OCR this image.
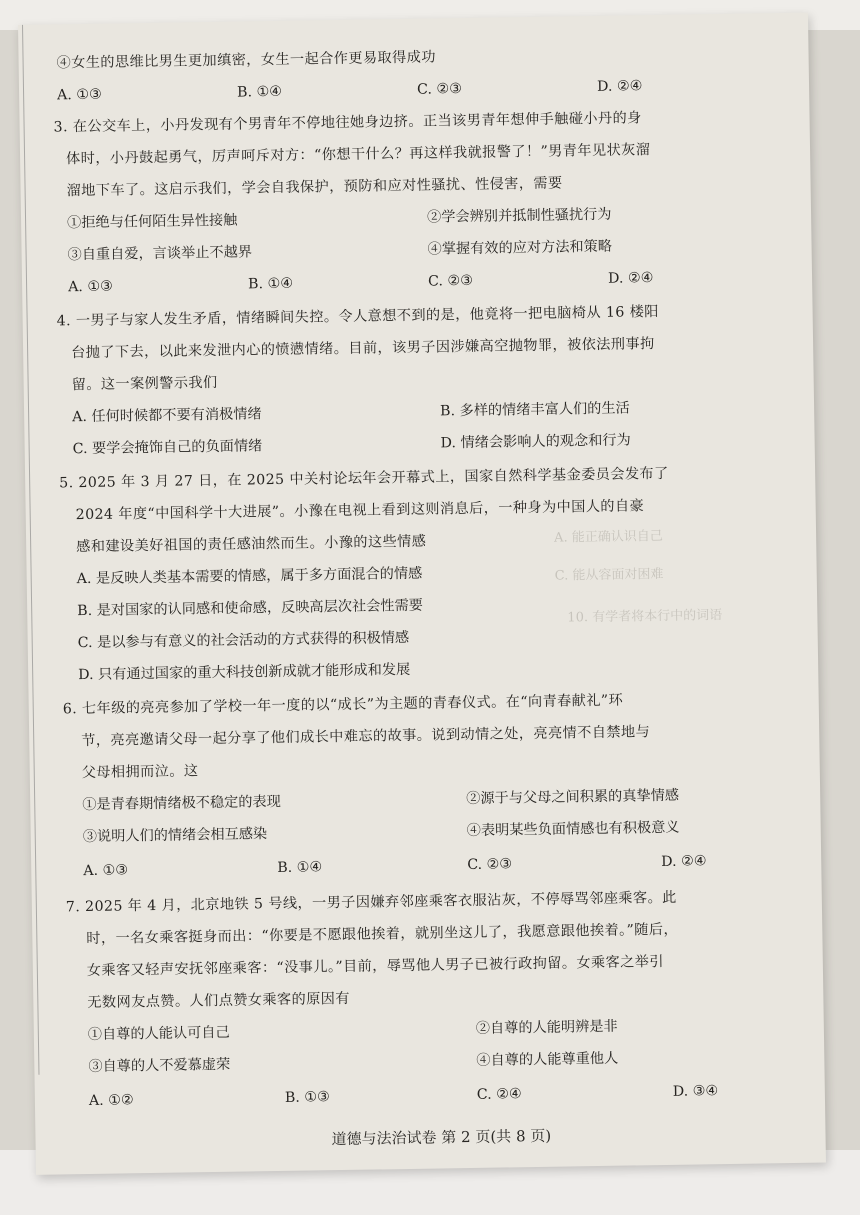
A. 能正确认识自己
C. 能从容面对困难
10. 有学者将本行中的词语
④女生的思维比男生更加缜密，女生一起合作更易取得成功
A. ①③	B. ①④	C. ②③	D. ②④
3. 在公交车上，小丹发现有个男青年不停地往她身边挤。正当该男青年想伸手触碰小丹的身
体时，小丹鼓起勇气，厉声呵斥对方：“你想干什么？再这样我就报警了！”男青年见状灰溜
溜地下车了。这启示我们，学会自我保护，预防和应对性骚扰、性侵害，需要
①拒绝与任何陌生异性接触	②学会辨别并抵制性骚扰行为
③自重自爱，言谈举止不越界	④掌握有效的应对方法和策略
A. ①③	B. ①④	C. ②③	D. ②④
4. 一男子与家人发生矛盾，情绪瞬间失控。令人意想不到的是，他竟将一把电脑椅从 16 楼阳
台抛了下去，以此来发泄内心的愤懑情绪。目前，该男子因涉嫌高空抛物罪，被依法刑事拘
留。这一案例警示我们
A. 任何时候都不要有消极情绪	B. 多样的情绪丰富人们的生活
C. 要学会掩饰自己的负面情绪	D. 情绪会影响人的观念和行为
5. 2025 年 3 月 27 日，在 2025 中关村论坛年会开幕式上，国家自然科学基金委员会发布了
2024 年度“中国科学十大进展”。小豫在电视上看到这则消息后，一种身为中国人的自豪
感和建设美好祖国的责任感油然而生。小豫的这些情感
A. 是反映人类基本需要的情感，属于多方面混合的情感
B. 是对国家的认同感和使命感，反映高层次社会性需要
C. 是以参与有意义的社会活动的方式获得的积极情感
D. 只有通过国家的重大科技创新成就才能形成和发展
6. 七年级的亮亮参加了学校一年一度的以“成长”为主题的青春仪式。在“向青春献礼”环
节，亮亮邀请父母一起分享了他们成长中难忘的故事。说到动情之处，亮亮情不自禁地与
父母相拥而泣。这
①是青春期情绪极不稳定的表现	②源于与父母之间积累的真挚情感
③说明人们的情绪会相互感染	④表明某些负面情感也有积极意义
A. ①③	B. ①④	C. ②③	D. ②④
7. 2025 年 4 月，北京地铁 5 号线，一男子因嫌弃邻座乘客衣服沾灰，不停辱骂邻座乘客。此
时，一名女乘客挺身而出：“你要是不愿跟他挨着，就别坐这儿了，我愿意跟他挨着。”随后，
女乘客又轻声安抚邻座乘客：“没事儿。”目前，辱骂他人男子已被行政拘留。女乘客之举引
无数网友点赞。人们点赞女乘客的原因有
①自尊的人能认可自己	②自尊的人能明辨是非
③自尊的人不爱慕虚荣	④自尊的人能尊重他人
A. ①②	B. ①③	C. ②④	D. ③④
道德与法治试卷 第 2 页(共 8 页)
